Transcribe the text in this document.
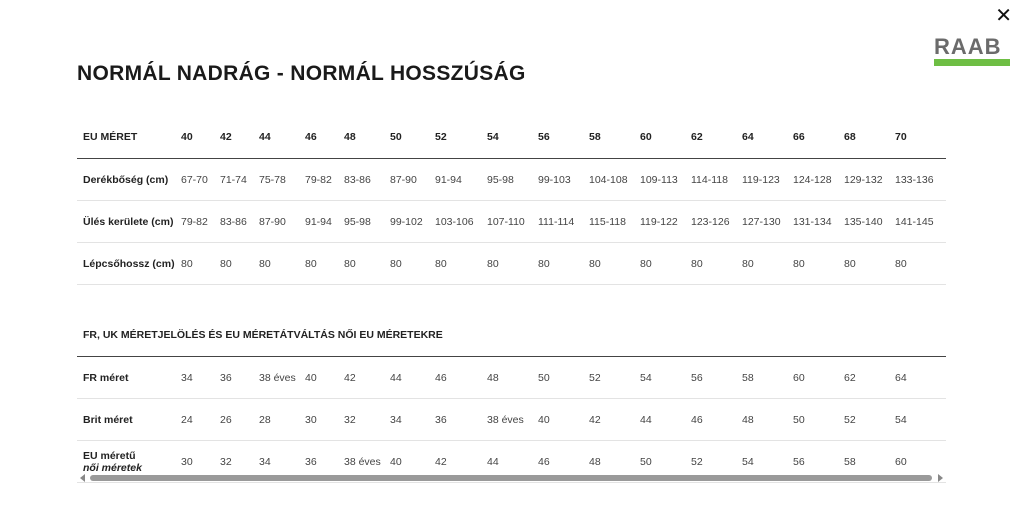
✕
RAAB
NORMÁL NADRÁG - NORMÁL HOSSZÚSÁG
EU MÉRET	40	42	44	46	48	50	52	54	56	58	60	62	64	66	68	70
Derékbőség (cm)	67-70	71-74	75-78	79-82	83-86	87-90	91-94	95-98	99-103	104-108	109-113	114-118	119-123	124-128	129-132	133-136
Ülés kerülete (cm)	79-82	83-86	87-90	91-94	95-98	99-102	103-106	107-110	111-114	115-118	119-122	123-126	127-130	131-134	135-140	141-145
Lépcsőhossz (cm)	80	80	80	80	80	80	80	80	80	80	80	80	80	80	80	80

FR, UK MÉRETJELÖLÉS ÉS EU MÉRETÁTVÁLTÁS NŐI EU MÉRETEKRE																
FR méret	34	36	38 éves	40	42	44	46	48	50	52	54	56	58	60	62	64
Brit méret	24	26	28	30	32	34	36	38 éves	40	42	44	46	48	50	52	54
EU méretű
női méretek	30	32	34	36	38 éves	40	42	44	46	48	50	52	54	56	58	60
